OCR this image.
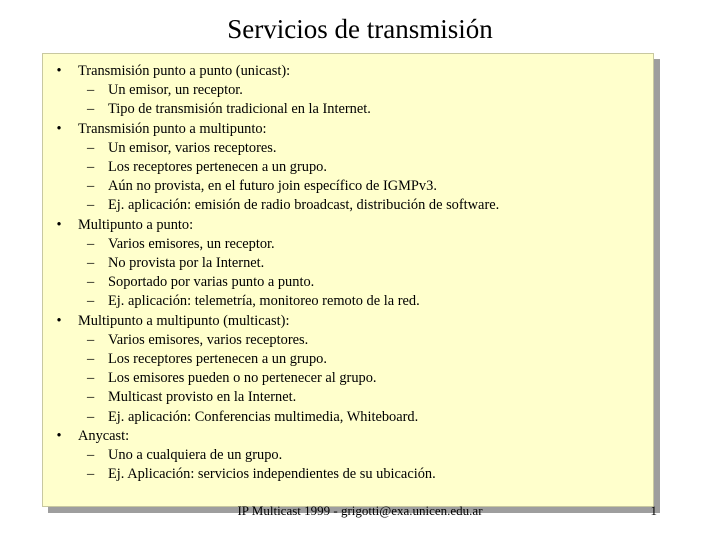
Servicios de transmisión
• Transmisión punto a punto (unicast):
– Un emisor, un receptor.
– Tipo de transmisión tradicional en la Internet.
• Transmisión punto a multipunto:
– Un emisor, varios receptores.
– Los receptores pertenecen a un grupo.
– Aún no provista, en el futuro join específico de IGMPv3.
– Ej. aplicación: emisión de radio broadcast, distribución de software.
• Multipunto a punto:
– Varios emisores, un receptor.
– No provista por la Internet.
– Soportado por varias punto a punto.
– Ej. aplicación: telemetría, monitoreo remoto de la red.
• Multipunto a multipunto (multicast):
– Varios emisores, varios receptores.
– Los receptores pertenecen a un grupo.
– Los emisores pueden o no pertenecer al grupo.
– Multicast provisto en la Internet.
– Ej. aplicación: Conferencias multimedia, Whiteboard.
• Anycast:
– Uno a cualquiera de un grupo.
– Ej. Aplicación: servicios independientes de su ubicación.
IP Multicast 1999 - grigotti@exa.unicen.edu.ar	1
